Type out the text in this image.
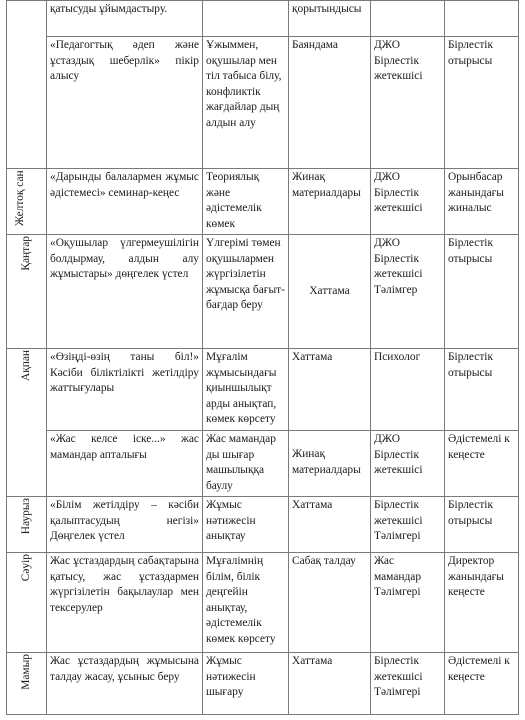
	қатысуды ұйымдастыру.		қорытындысы		
	«Педагогтық әдеп және ұстаздық шеберлік» пікір алысу	Ұжыммен, оқушылар мен тіл табыса білу, конфликтік жағдайлар дың алдын алу	Баяндама	ДЖО Бірлестік жетекшісі	Бірлестік отырысы

Желтоқ сан	«Дарынды балалармен жұмыс әдістемесі» семинар-кеңес	Теориялық және әдістемелік көмек	Жинақ материалдары	ДЖО Бірлестік жетекшісі	Орынбасар жанындағы жиналыс

Қаңтар	«Оқушылар үлгермеушілігін болдырмау, алдын алу жұмыстары» дөңгелек үстел	Үлгерімі төмен оқушылармен жүргізілетін жұмысқа бағыт-бағдар беру	Хаттама	ДЖО Бірлестік жетекшісі Тәлімгер	Бірлестік отырысы

Ақпан	«Өзіңді-өзің таны біл!» Кәсіби біліктілікті жетілдіру жаттығулары	Мұғалім жұмысындағы қиыншылықт арды анықтап, көмек көрсету	Хаттама	Психолог	Бірлестік отырысы
	«Жас келсе іске...» жас мамандар апталығы	Жас мамандар ды шығар машылыққа баулу	Жинақ материалдары	ДЖО Бірлестік жетекшісі	Әдістемелі к кеңесте

Наурыз	«Білім жетілдіру – кәсіби қалыптасудың негізі» Дөңгелек үстел	Жұмыс нәтижесін анықтау	Хаттама	Бірлестік жетекшісі Тәлімгері	Бірлестік отырысы

Сәуір	Жас ұстаздардың сабақтарына қатысу, жас ұстаздармен жүргізілетін бақылаулар мен тексерулер	Мұғалімнің білім, білік деңгейін анықтау, әдістемелік көмек көрсету	Сабақ талдау	Жас мамандар Тәлімгері	Директор жанындағы кеңесте

Мамыр	Жас ұстаздардың жұмысына талдау жасау, ұсыныс беру	Жұмыс нәтижесін шығару	Хаттама	Бірлестік жетекшісі Тәлімгері	Әдістемелі к кеңесте
